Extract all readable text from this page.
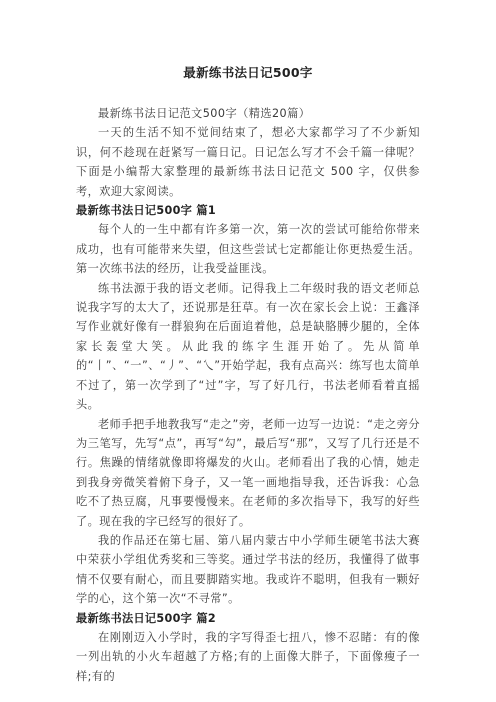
最新练书法日记500字

最新练书法日记范文500字（精选20篇）

一天的生活不知不觉间结束了，想必大家都学习了不少新知识，何不趁现在赶紧写一篇日记。日记怎么写才不会千篇一律呢？下面是小编帮大家整理的最新练书法日记范文 500 字，仅供参考，欢迎大家阅读。

最新练书法日记500字 篇1

每个人的一生中都有许多第一次，第一次的尝试可能给你带来成功，也有可能带来失望，但这些尝试七定都能让你更热爱生活。第一次练书法的经历，让我受益匪浅。

练书法源于我的语文老师。记得我上二年级时我的语文老师总说我字写的太大了，还说那是狂草。有一次在家长会上说：王鑫泽写作业就好像有一群狼狗在后面追着他，总是缺胳膊少腿的，全体家长轰堂大笑。从此我的练字生涯开始了。先从简单的“丨”、“一”、“丿”、“乀”开始学起，我有点高兴：练写也太简单不过了，第一次学到了“过”字，写了好几行，书法老师看着直摇头。

老师手把手地教我写“走之”旁，老师一边写一边说：“走之旁分为三笔写，先写“点”，再写“勾”，最后写“那”，又写了几行还是不行。焦躁的情绪就像即将爆发的火山。老师看出了我的心情，她走到我身旁微笑着俯下身子，又一笔一画地指导我，还告诉我：心急吃不了热豆腐，凡事要慢慢来。在老师的多次指导下，我写的好些了。现在我的字已经写的很好了。

我的作品还在第七届、第八届内蒙古中小学师生硬笔书法大赛中荣获小学组优秀奖和三等奖。通过学书法的经历，我懂得了做事情不仅要有耐心，而且要脚踏实地。我或许不聪明，但我有一颗好学的心，这个第一次“不寻常”。

最新练书法日记500字 篇2

在刚刚迈入小学时，我的字写得歪七扭八，惨不忍睹：有的像一列出轨的小火车超越了方格;有的上面像大胖子，下面像瘦子一样;有的
